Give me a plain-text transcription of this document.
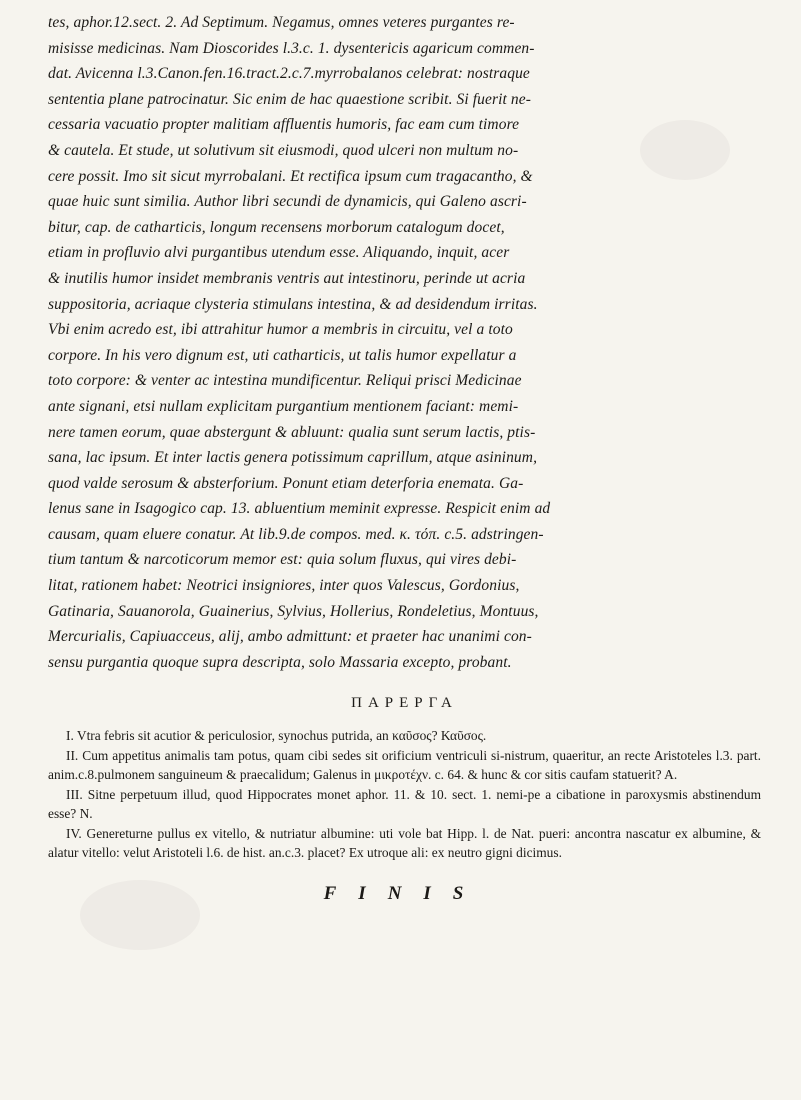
tes, aphor.12.sect. 2. Ad Septimum. Negamus, omnes veteres purgantes re-

misisse medicinas. Nam Dioscorides l.3.c. 1. dysentericis agaricum commen-

dat. Avicenna l.3.Canon.fen.16.tract.2.c.7.myrrobalanos celebrat: nostraque

sententia plane patrocinatur. Sic enim de hac quaestione scribit. Si fuerit ne-

cessaria vacuatio propter malitiam affluentis humoris, fac eam cum timore

& cautela. Et stude, ut solutivum sit eiusmodi, quod ulceri non multum no-

cere possit. Imo sit sicut myrrobalani. Et rectifica ipsum cum tragacantho, &

quae huic sunt similia. Author libri secundi de dynamicis, qui Galeno ascri-

bitur, cap. de catharticis, longum recensens morborum catalogum docet,

etiam in profluvio alvi purgantibus utendum esse. Aliquando, inquit, acer

& inutilis humor insidet membranis ventris aut intestinoru, perinde ut acria

suppositoria, acriaque clysteria stimulans intestina, & ad desidendum irritas.

Vbi enim acredo est, ibi attrahitur humor a membris in circuitu, vel a toto

corpore. In his vero dignum est, uti catharticis, ut talis humor expellatur a

toto corpore: & venter ac intestina mundificentur. Reliqui prisci Medicinae

ante signani, etsi nullam explicitam purgantium mentionem faciant: memi-

nere tamen eorum, quae abstergunt & abluunt: qualia sunt serum lactis, ptis-

sana, lac ipsum. Et inter lactis genera potissimum caprillum, atque asininum,

quod valde serosum & absterforium. Ponunt etiam deterforia enemata. Ga-

lenus sane in Isagogico cap. 13. abluentium meminit expresse. Respicit enim ad

causam, quam eluere conatur. At lib.9.de compos. med. κ. τόπ. c.5. adstringen-

tium tantum & narcoticorum memor est: quia solum fluxus, qui vires debi-

litat, rationem habet: Neotrici insigniores, inter quos Valescus, Gordonius,

Gatinaria, Sauanorola, Guainerius, Sylvius, Hollerius, Rondeletius, Montuus,

Mercurialis, Capiuacceus, alij, ambo admittunt: et praeter hac unanimi con-

sensu purgantia quoque supra descripta, solo Massaria excepto, probant.

ΠΑΡΕΡΓΑ

I. Vtra febris sit acutior & periculosior, synochus putrida, an καῦσος? Καῦσος.

II. Cum appetitus animalis tam potus, quam cibi sedes sit orificium ventriculi si-nistrum, quaeritur, an recte Aristoteles l.3. part. anim.c.8.pulmonem sanguineum & praecalidum; Galenus in μικροτέχν. c. 64. & hunc & cor sitis caufam statuerit? A.

III. Sitne perpetuum illud, quod Hippocrates monet aphor. 11. & 10. sect. 1. nemi-pe a cibatione in paroxysmis abstinendum esse? N.

IV. Genereturne pullus ex vitello, & nutriatur albumine: uti vole bat Hipp. l. de Nat. pueri: ancontra nascatur ex albumine, & alatur vitello: velut Aristoteli l.6. de hist. an.c.3. placet? Ex utroque ali: ex neutro gigni dicimus.

FINIS
